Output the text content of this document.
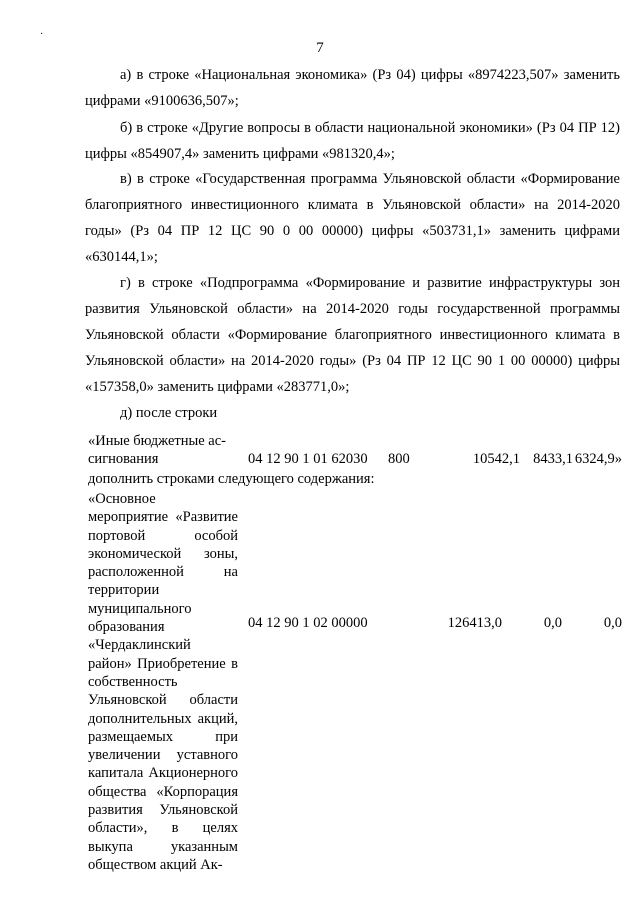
·
7
а) в строке «Национальная экономика» (Рз 04) цифры «8974223,507» заменить цифрами «9100636,507»;
б) в строке «Другие вопросы в области национальной экономики» (Рз 04 ПР 12) цифры «854907,4» заменить цифрами «981320,4»;
в) в строке «Государственная программа Ульяновской области «Формирование благоприятного инвестиционного климата в Ульяновской области» на 2014-2020 годы» (Рз 04 ПР 12 ЦС 90 0 00 00000) цифры «503731,1» заменить цифрами «630144,1»;
г) в строке «Подпрограмма «Формирование и развитие инфраструктуры зон развития Ульяновской области» на 2014-2020 годы государственной программы Ульяновской области «Формирование благоприятного инвестиционного климата в Ульяновской области» на 2014-2020 годы» (Рз 04 ПР 12 ЦС 90 1 00 00000) цифры «157358,0» заменить цифрами «283771,0»;
д) после строки
«Иные бюджетные ас-
сигнования	04 12 90 1 01 62030 800	10542,1 8433,1 6324,9»
дополнить строками следующего содержания:
«Основное мероприятие «Развитие портовой особой экономической зоны, расположенной на территории муниципального образования «Чердаклинский район» Приобретение в собственность Ульяновской области дополнительных акций, размещаемых при увеличении уставного капитала Акционерного общества «Корпорация развития Ульяновской области», в целях выкупа указанным обществом акций Ак-
04 12 90 1 02 00000	126413,0	0,0	0,0
